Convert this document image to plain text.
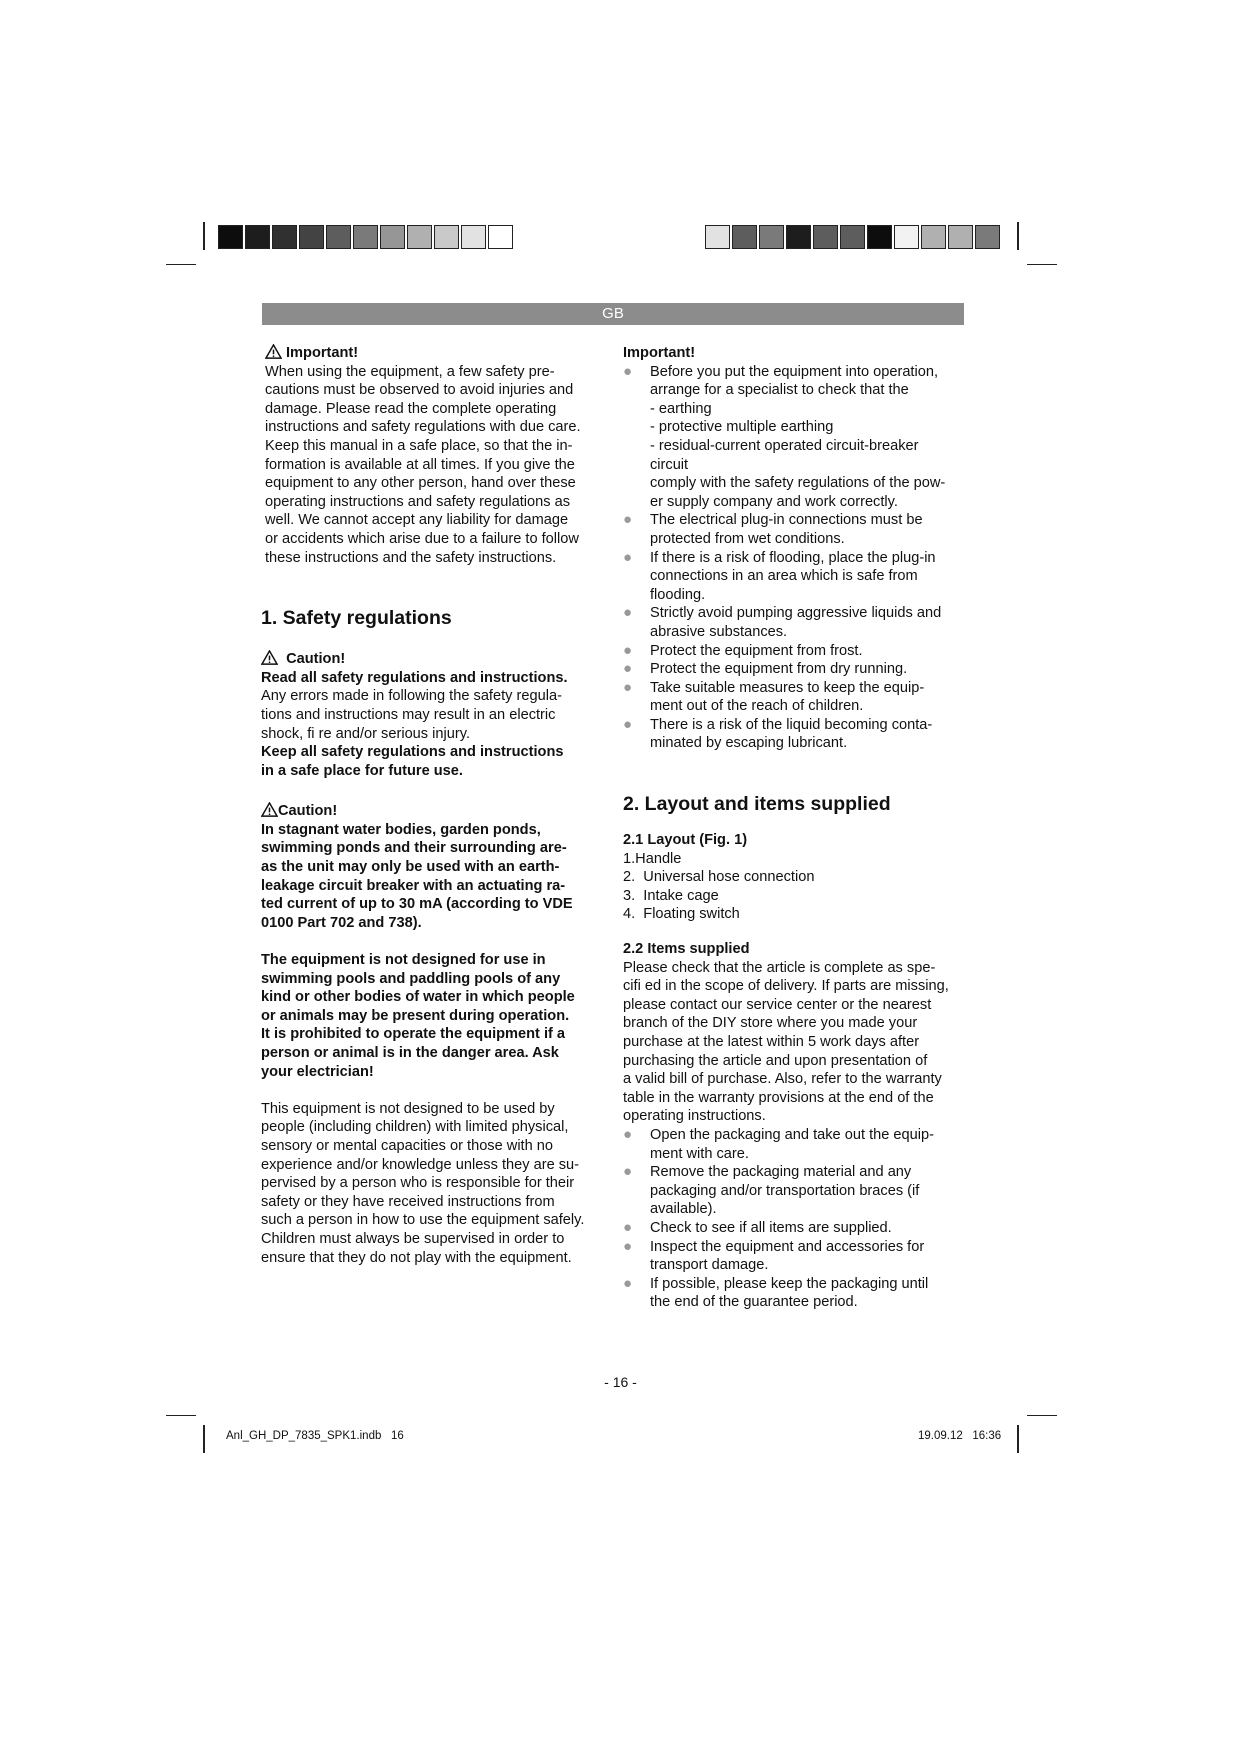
GB

Important!

When using the equipment, a few safety pre-
cautions must be observed to avoid injuries and
damage. Please read the complete operating
instructions and safety regulations with due care.
Keep this manual in a safe place, so that the in-
formation is available at all times. If you give the
equipment to any other person, hand over these
operating instructions and safety regulations as
well. We cannot accept any liability for damage
or accidents which arise due to a failure to follow
these instructions and the safety instructions.

1. Safety regulations

Caution!

Read all safety regulations and instructions.

Any errors made in following the safety regula-
tions and instructions may result in an electric
shock, fi re and/or serious injury.

Keep all safety regulations and instructions
in a safe place for future use.

Caution!

In stagnant water bodies, garden ponds,
swimming ponds and their surrounding are-
as the unit may only be used with an earth-
leakage circuit breaker with an actuating ra-
ted current of up to 30 mA (according to VDE
0100 Part 702 and 738).

The equipment is not designed for use in
swimming pools and paddling pools of any
kind or other bodies of water in which people
or animals may be present during operation.
It is prohibited to operate the equipment if a
person or animal is in the danger area. Ask
your electrician!

This equipment is not designed to be used by
people (including children) with limited physical,
sensory or mental capacities or those with no
experience and/or knowledge unless they are su-
pervised by a person who is responsible for their
safety or they have received instructions from
such a person in how to use the equipment safely.
Children must always be supervised in order to
ensure that they do not play with the equipment.

Important!

●	Before you put the equipment into operation,
arrange for a specialist to check that the
- earthing
- protective multiple earthing
- residual-current operated circuit-breaker
circuit
comply with the safety regulations of the pow-
er supply company and work correctly.
●	The electrical plug-in connections must be
protected from wet conditions.
●	If there is a risk of flooding, place the plug-in
connections in an area which is safe from
flooding.
●	Strictly avoid pumping aggressive liquids and
abrasive substances.
●	Protect the equipment from frost.
●	Protect the equipment from dry running.
●	Take suitable measures to keep the equip-
ment out of the reach of children.
●	There is a risk of the liquid becoming conta-
minated by escaping lubricant.

2. Layout and items supplied

2.1 Layout (Fig. 1)

1.Handle

2.  Universal hose connection

3.  Intake cage

4.  Floating switch

2.2 Items supplied

Please check that the article is complete as spe-
cifi ed in the scope of delivery. If parts are missing,
please contact our service center or the nearest
branch of the DIY store where you made your
purchase at the latest within 5 work days after
purchasing the article and upon presentation of
a valid bill of purchase. Also, refer to the warranty
table in the warranty provisions at the end of the
operating instructions.

●	Open the packaging and take out the equip-
ment with care.
●	Remove the packaging material and any
packaging and/or transportation braces (if
available).
●	Check to see if all items are supplied.
●	Inspect the equipment and accessories for
transport damage.
●	If possible, please keep the packaging until
the end of the guarantee period.
- 16 -
Anl_GH_DP_7835_SPK1.indb   16	19.09.12   16:36
